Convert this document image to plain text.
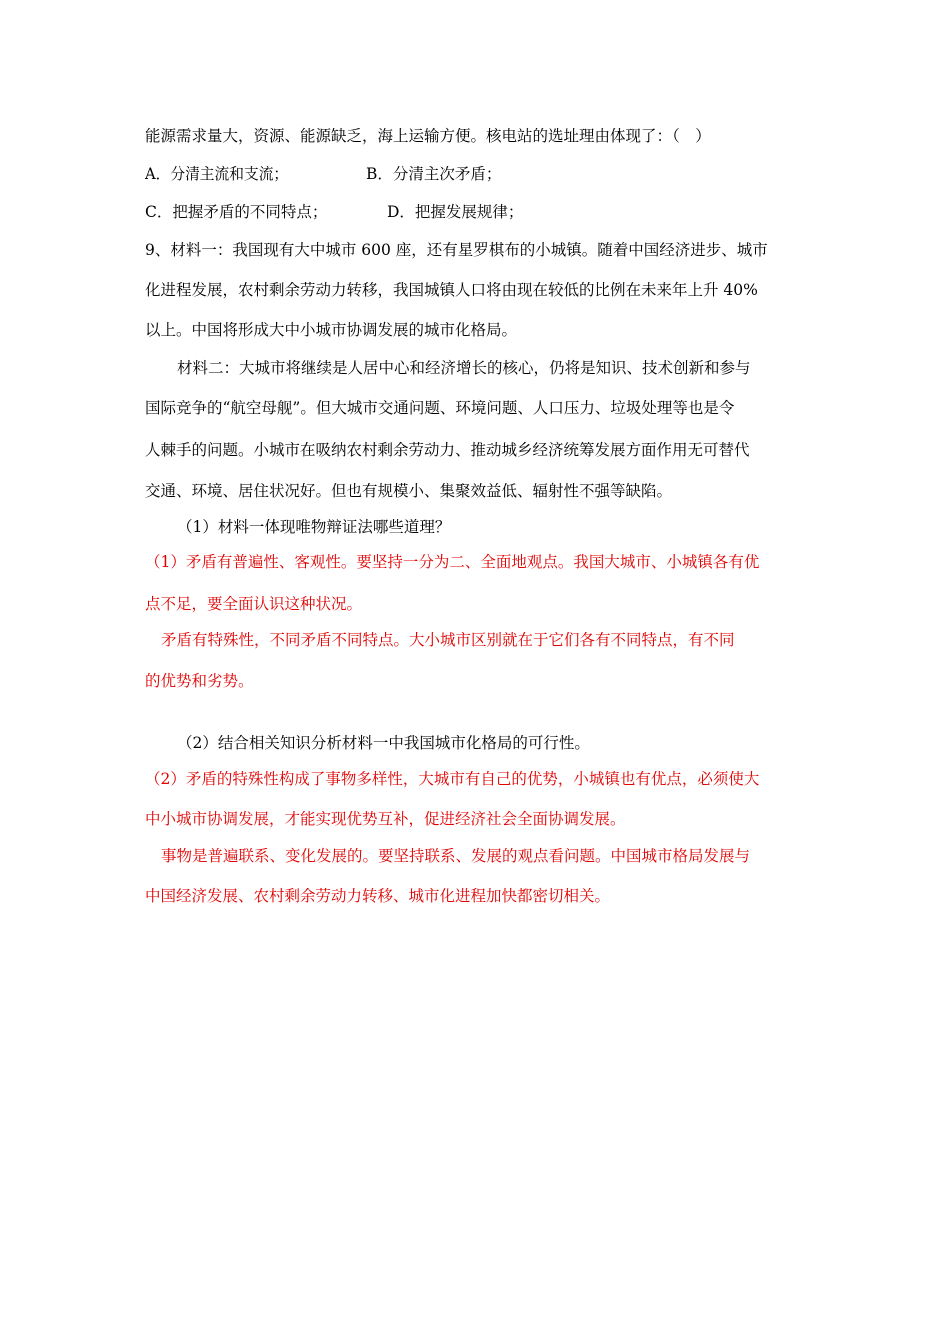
能源需求量大，资源、能源缺乏，海上运输方便。核电站的选址理由体现了：（　）
A．分清主流和支流；	B．分清主次矛盾；
C．把握矛盾的不同特点；	D．把握发展规律；
9、材料一：我国现有大中城市 600 座，还有星罗棋布的小城镇。随着中国经济进步、城市
化进程发展，农村剩余劳动力转移，我国城镇人口将由现在较低的比例在未来年上升 40%
以上。中国将形成大中小城市协调发展的城市化格局。
材料二：大城市将继续是人居中心和经济增长的核心，仍将是知识、技术创新和参与
国际竞争的“航空母舰”。但大城市交通问题、环境问题、人口压力、垃圾处理等也是令
人棘手的问题。小城市在吸纳农村剩余劳动力、推动城乡经济统筹发展方面作用无可替代
交通、环境、居住状况好。但也有规模小、集聚效益低、辐射性不强等缺陷。
（1）材料一体现唯物辩证法哪些道理？
（1）矛盾有普遍性、客观性。要坚持一分为二、全面地观点。我国大城市、小城镇各有优
点不足，要全面认识这种状况。
矛盾有特殊性，不同矛盾不同特点。大小城市区别就在于它们各有不同特点，有不同
的优势和劣势。
（2）结合相关知识分析材料一中我国城市化格局的可行性。
（2）矛盾的特殊性构成了事物多样性，大城市有自己的优势，小城镇也有优点，必须使大
中小城市协调发展，才能实现优势互补，促进经济社会全面协调发展。
事物是普遍联系、变化发展的。要坚持联系、发展的观点看问题。中国城市格局发展与
中国经济发展、农村剩余劳动力转移、城市化进程加快都密切相关。
